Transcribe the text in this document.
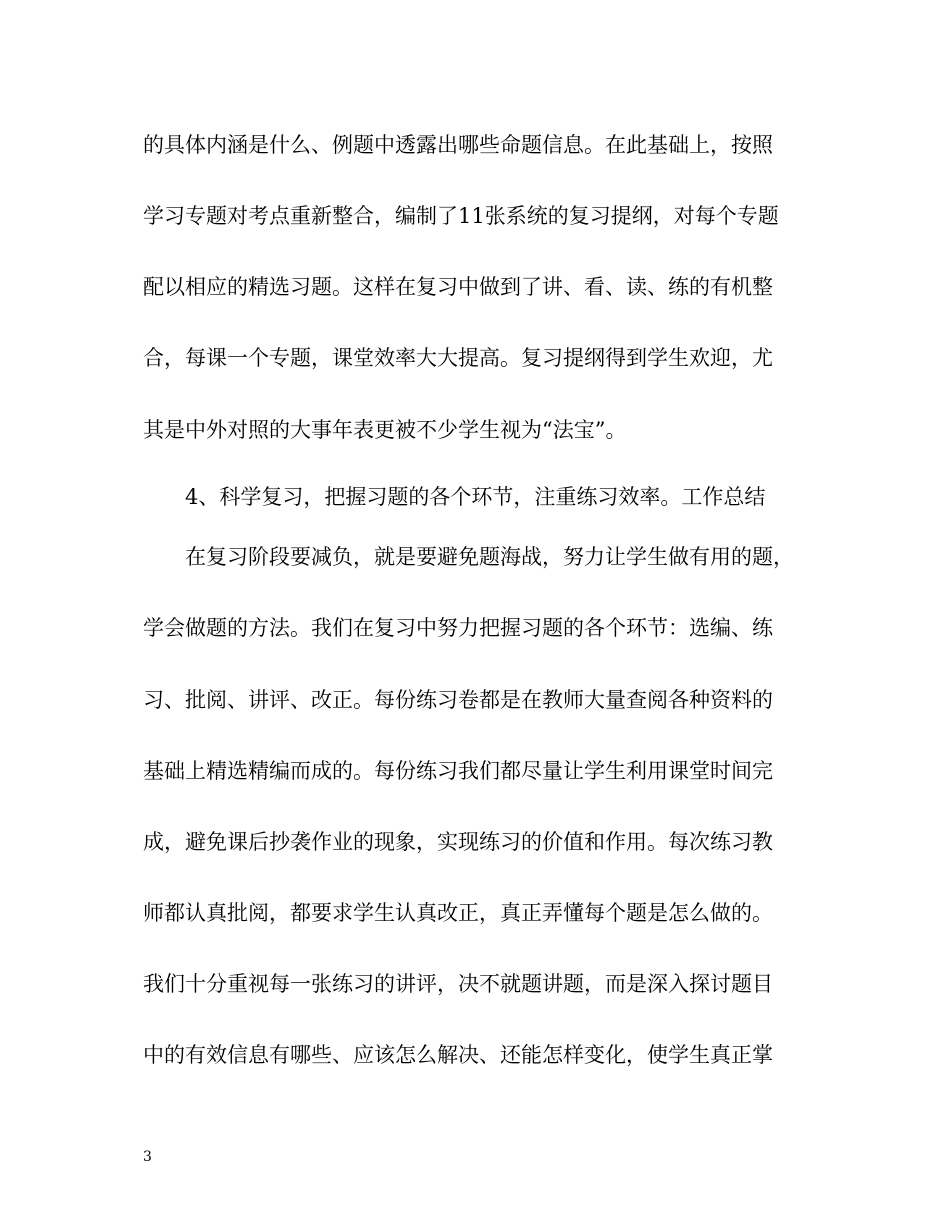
的具体内涵是什么、例题中透露出哪些命题信息。在此基础上，按照
学习专题对考点重新整合，编制了11张系统的复习提纲，对每个专题
配以相应的精选习题。这样在复习中做到了讲、看、读、练的有机整
合，每课一个专题，课堂效率大大提高。复习提纲得到学生欢迎，尤
其是中外对照的大事年表更被不少学生视为“法宝”。
4、科学复习，把握习题的各个环节，注重练习效率。工作总结
在复习阶段要减负，就是要避免题海战，努力让学生做有用的题，
学会做题的方法。我们在复习中努力把握习题的各个环节：选编、练
习、批阅、讲评、改正。每份练习卷都是在教师大量查阅各种资料的
基础上精选精编而成的。每份练习我们都尽量让学生利用课堂时间完
成，避免课后抄袭作业的现象，实现练习的价值和作用。每次练习教
师都认真批阅，都要求学生认真改正，真正弄懂每个题是怎么做的。
我们十分重视每一张练习的讲评，决不就题讲题，而是深入探讨题目
中的有效信息有哪些、应该怎么解决、还能怎样变化，使学生真正掌
3
